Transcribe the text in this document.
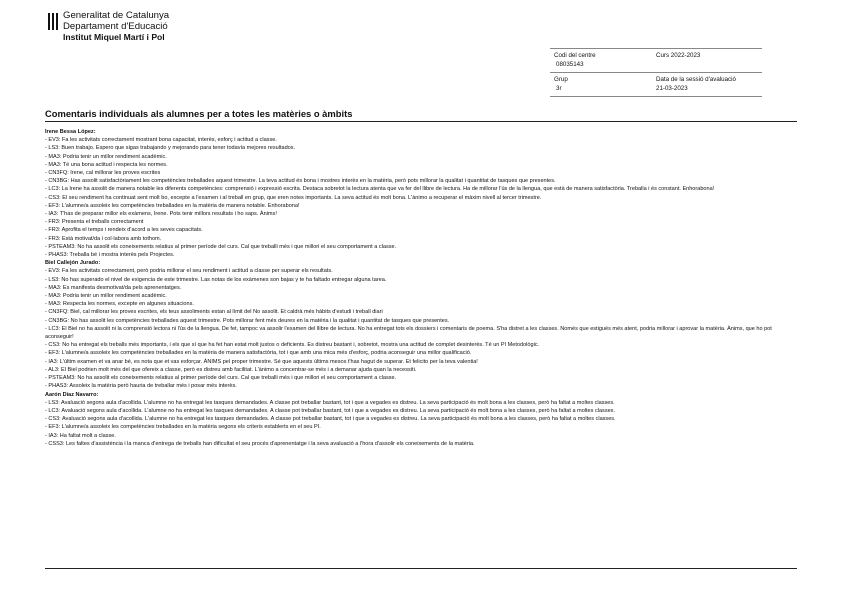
Generalitat de Catalunya
Departament d'Educació
Institut Miquel Martí i Pol
Codi del centre	Curs 2022-2023
08035143
Grup	Data de la sessió d'avaluació
3r	21-03-2023
Comentaris individuals als alumnes per a totes les matèries o àmbits
Irene Bessa López:
- EV3: Fa les activitats correctament mostrant bona capacitat, interès, esforç i actitud a classe.
- LS3: Buen trabajo. Espero que sigas trabajando y mejorando para tener todavía mejores resultados.
- MA3: Podria tenir un millor rendiment acadèmic.
- MA3: Té una bona actitud i respecta les normes.
- CN3FQ: Irene, cal millorar les proves escrites
- CN3BG: Has assolit satisfactòriament les competències treballades aquest trimestre. La teva actitud és bona i mostres interès en la matèria, però pots millorar la qualitat i quantitat de tasques que presentes.
- LC3: La Irene ha assolit de manera notable les diferents competències: comprensió i expressió escrita. Destaca sobretot la lectura atenta que va fer del llibre de lectura. Ha de millorar l'ús de la llengua, que està de manera satisfactòria. Treballa i és constant. Enhorabona!
- CS3: El seu rendiment ha continuat sent molt bo, excepte a l'examen i al treball en grup, que eren notes importants. La seva actitud és molt bona. L'ànimo a recuperar el màxim nivell al tercer trimestre.
- EF3: L'alumne/a assoleix les competències treballades en la matèria de manera notable. Enhorabona!
- IA3: T'has de preparar millor els exàmens, Irene. Pots tenir millors resultats i ho saps. Ànims!
- FR3: Presenta el treballs correctament
- FR3: Aprofita el temps i rendeix d'acord a les seves capacitats.
- FR3: Està motivat/da i col·labora amb tothom.
- PSTEAM3: No ha assolit els coneixements relatius al primer període del curs. Cal que treballi més i que millori el seu comportament a classe.
- PHAS3: Treballa bé i mostra interès pels Projectes.
Biel Callejón Jurado:
- EV3: Fa les activitats correctament, però podria millorar el seu rendiment i actitud a classe per superar els resultats.
- LS3: No has superado el nivel de exigencia de este trimestre. Las notas de los exámenes son bajas y te ha faltado entregar alguna tarea.
- MA3: Es manifesta desmotivat/da pels aprenentatges.
- MA3: Podria tenir un millor rendiment acadèmic.
- MA3: Respecta les normes, excepte en algunes situacions.
- CN3FQ: Biel, cal millorar les proves escrites, els teus assoliments estan al límit del No assolit. Et caldrà més hàbits d'estudi i treball diari
- CN3BG: No has assolit les competències treballades aquest trimestre. Pots millorar fent més deures en la matèria i la qualitat i quantitat de tasques que presentes.
- LC3: El Biel no ha assolit ni la comprensió lectora ni l'ús de la llengua. De fet, tampoc va assolir l'examen del llibre de lectura. No ha entregat tots els dossiers i comentaris de poema. S'ha distret a les classes. Només que estigués més atent, podria millorar i aprovar la matèria. Ànims, que ho pot aconseguir!
- CS3: No ha entregat els treballs més importants, i els que sí que ha fet han estat molt justos o deficients. Es distreu bastant i, sobretot, mostra una actitud de complet desinterès. Té un PI Metodològic.
- EF3: L'alumne/a assoleix les competències treballades en la matèria de manera satisfactòria, tot i que amb una mica més d'esforç, podria aconseguir una millor qualificació.
- IA3: L'últim examen et va anar bé, es nota que et vas esforçar. ÀNIMS pel proper trimestre. Sé que aquests últims mesos t'has hagut de superar. Et felicito per la teva valentia!
- AL3: El Biel podrien molt més del que ofereix a classe, però es distreu amb facilitat. L'ànimo a concentrar-se més i a demanar ajuda quan la necessiti.
- PSTEAM3: No ha assolit els coneixements relatius al primer període del curs. Cal que treballi més i que millori el seu comportament a classe.
- PHAS3: Assoleix la matèria però hauria de treballar més i posar més interès.
Aarón Díaz Navarro:
- LS3: Avaluació segons aula d'acollida. L'alumne no ha entregat les tasques demandades. A classe pot treballar bastant, tot i que a vegades es distreu. La seva participació és molt bona a les classes, però ha faltat a moltes classes.
- LC3: Avaluació segons aula d'acollida. L'alumne no ha entregat les tasques demandades. A classe pot treballar bastant, tot i que a vegades es distreu. La seva participació és molt bona a les classes, però ha faltat a moltes classes.
- CS3: Avaluació segons aula d'acollida. L'alumne no ha entregat les tasques demandades. A classe pot treballar bastant, tot i que a vegades es distreu. La seva participació és molt bona a les classes, però ha faltat a moltes classes.
- EF3: L'alumne/a assoleix les competències treballades en la matèria segons els criteris establerts en el seu PI.
- IA3: Ha faltat molt a classe.
- CSS3: Les faltes d'assistència i la manca d'entrega de treballs han dificultat el seu procés d'aprenentatge i la seva avaluació a l'hora d'assolir els coneixements de la matèria.
